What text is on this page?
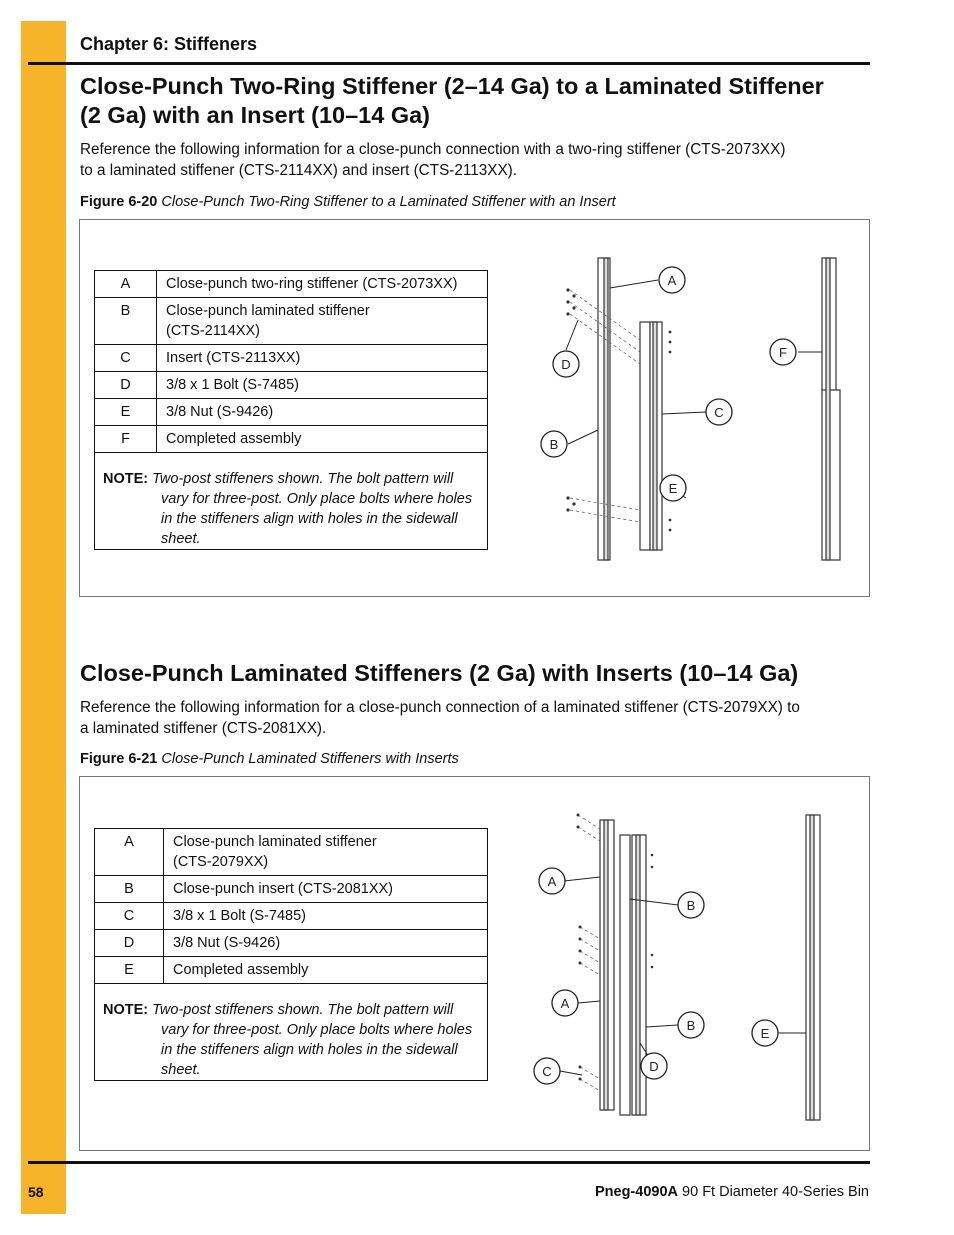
Chapter 6: Stiffeners
Close-Punch Two-Ring Stiffener (2–14 Ga) to a Laminated Stiffener
(2 Ga) with an Insert (10–14 Ga)

Reference the following information for a close-punch connection with a two-ring stiffener (CTS-2073XX)
to a laminated stiffener (CTS-2114XX) and insert (CTS-2113XX).

Figure 6-20 Close-Punch Two-Ring Stiffener to a Laminated Stiffener with an Insert
A	Close-punch two-ring stiffener (CTS-2073XX)
B	Close-punch laminated stiffener
(CTS-2114XX)
C	Insert (CTS-2113XX)
D	3/8 x 1 Bolt (S-7485)
E	3/8 Nut (S-9426)
F	Completed assembly

NOTE: Two-post stiffeners shown. The bolt pattern will vary for three-post. Only place bolts where holes in the stiffeners align with holes in the sidewall sheet.	
A
D
F
C
B
E
Close-Punch Laminated Stiffeners (2 Ga) with Inserts (10–14 Ga)

Reference the following information for a close-punch connection of a laminated stiffener (CTS-2079XX) to
a laminated stiffener (CTS-2081XX).

Figure 6-21 Close-Punch Laminated Stiffeners with Inserts
A	Close-punch laminated stiffener
(CTS-2079XX)
B	Close-punch insert (CTS-2081XX)
C	3/8 x 1 Bolt (S-7485)
D	3/8 Nut (S-9426)
E	Completed assembly

NOTE: Two-post stiffeners shown. The bolt pattern will vary for three-post. Only place bolts where holes in the stiffeners align with holes in the sidewall sheet.	
A
B
A
B
C	D
E
58	Pneg-4090A 90 Ft Diameter 40-Series Bin
